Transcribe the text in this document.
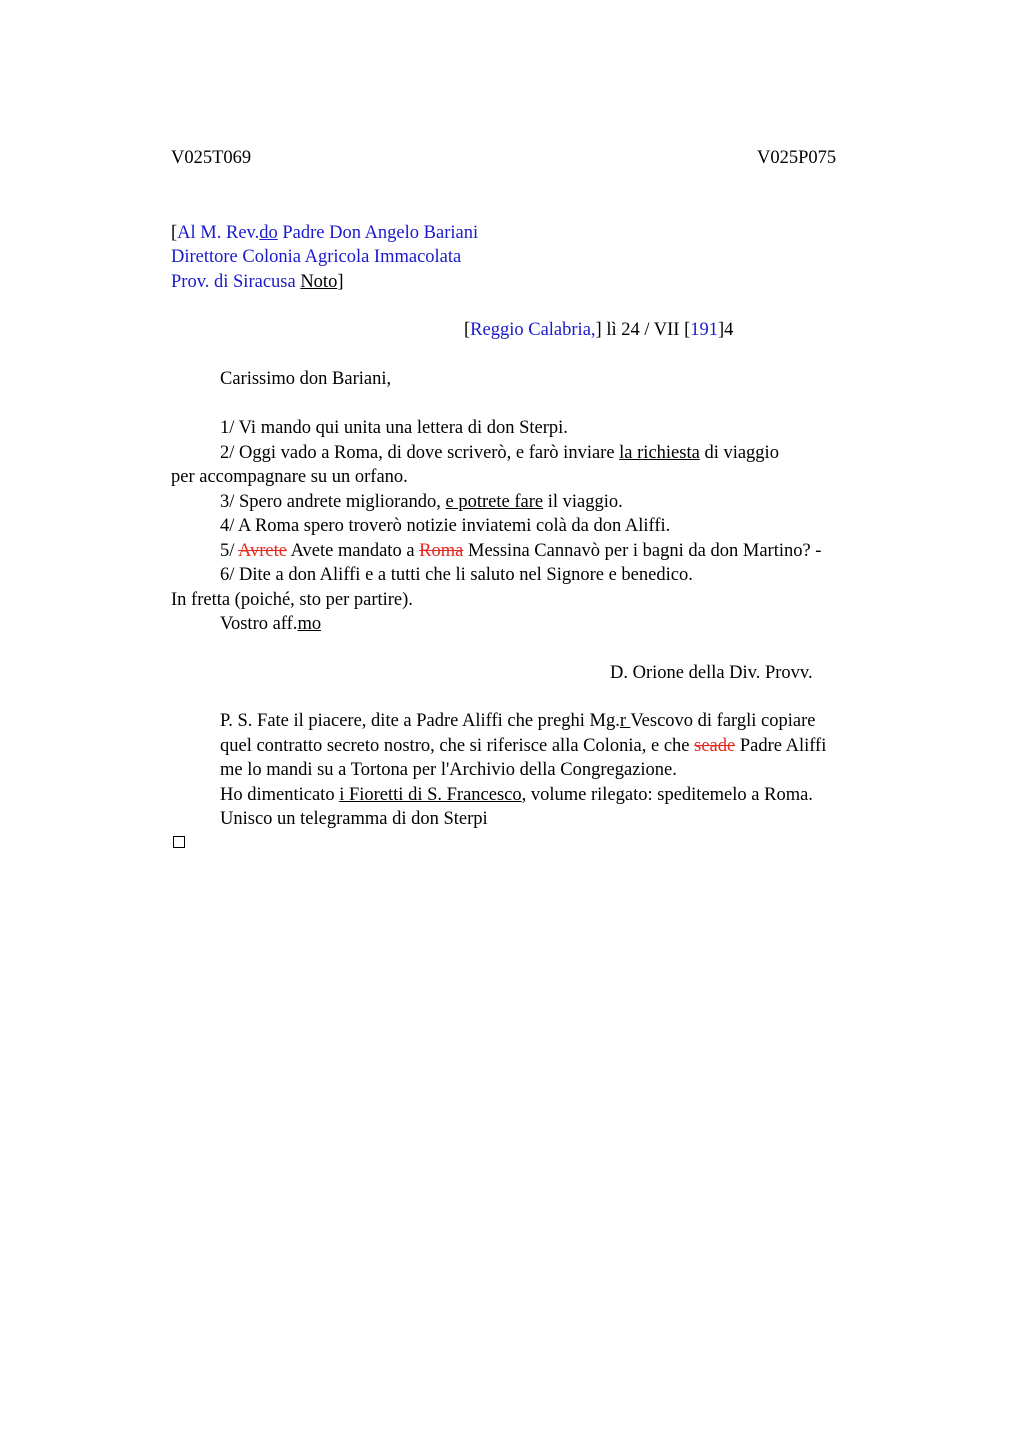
V025T069	V025P075
[Al M. Rev.do Padre Don Angelo Bariani
Direttore Colonia Agricola Immacolata
Prov. di Siracusa Noto]
[Reggio Calabria,] lì 24 / VII [191]4
Carissimo don Bariani,
1/ Vi mando qui unita una lettera di don Sterpi.
2/ Oggi vado a Roma, di dove scriverò, e farò inviare la richiesta di viaggio
per accompagnare su un orfano.
3/ Spero andrete migliorando, e potrete fare il viaggio.
4/ A Roma spero troverò notizie inviatemi colà da don Aliffi.
5/ Avrete Avete mandato a Roma Messina Cannavò per i bagni da don Martino? -
6/ Dite a don Aliffi e a tutti che li saluto nel Signore e benedico.
In fretta (poiché, sto per partire).
Vostro aff.mo
D. Orione della Div. Provv.
P. S. Fate il piacere, dite a Padre Aliffi che preghi Mg.r Vescovo di fargli copiare
quel contratto secreto nostro, che si riferisce alla Colonia, e che seade Padre Aliffi
me lo mandi su a Tortona per l'Archivio della Congregazione.
Ho dimenticato i Fioretti di S. Francesco, volume rilegato: speditemelo a Roma.
Unisco un telegramma di don Sterpi
